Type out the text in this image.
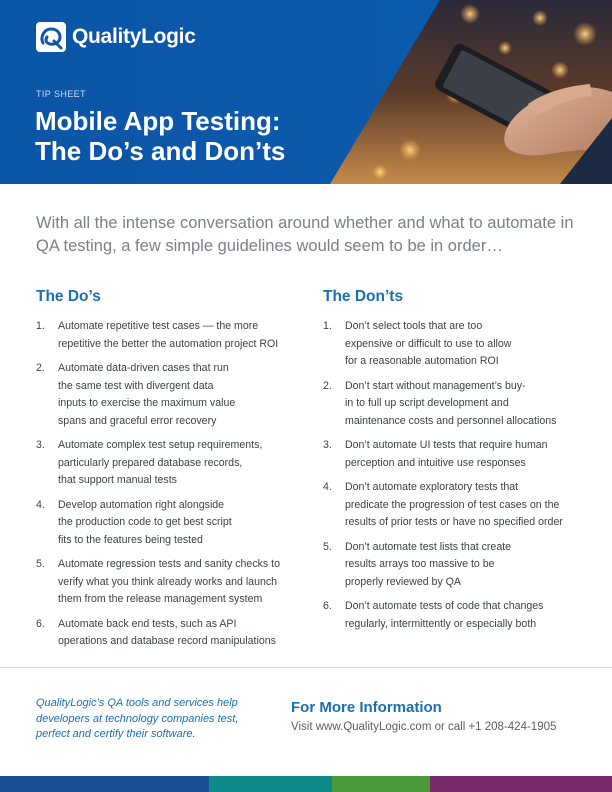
QualityLogic
TIP SHEET
Mobile App Testing:
The Do’s and Don’ts

With all the intense conversation around whether and what to automate in
QA testing, a few simple guidelines would seem to be in order…

The Do’s
1.	Automate repetitive test cases — the more
repetitive the better the automation project ROI
2.	Automate data-driven cases that run
the same test with divergent data
inputs to exercise the maximum value
spans and graceful error recovery
3.	Automate complex test setup requirements,
particularly prepared database records,
that support manual tests
4.	Develop automation right alongside
the production code to get best script
fits to the features being tested
5.	Automate regression tests and sanity checks to
verify what you think already works and launch
them from the release management system
6.	Automate back end tests, such as API
operations and database record manipulations
The Don’ts
1.	Don’t select tools that are too
expensive or difficult to use to allow
for a reasonable automation ROI
2.	Don’t start without management’s buy-
in to full up script development and
maintenance costs and personnel allocations
3.	Don’t automate UI tests that require human
perception and intuitive use responses
4.	Don’t automate exploratory tests that
predicate the progression of test cases on the
results of prior tests or have no specified order
5.	Don’t automate test lists that create
results arrays too massive to be
properly reviewed by QA
6.	Don’t automate tests of code that changes
regularly, intermittently or especially both

QualityLogic’s QA tools and services help
developers at technology companies test,
perfect and certify their software.

For More Information

Visit www.QualityLogic.com or call +1 208-424-1905
